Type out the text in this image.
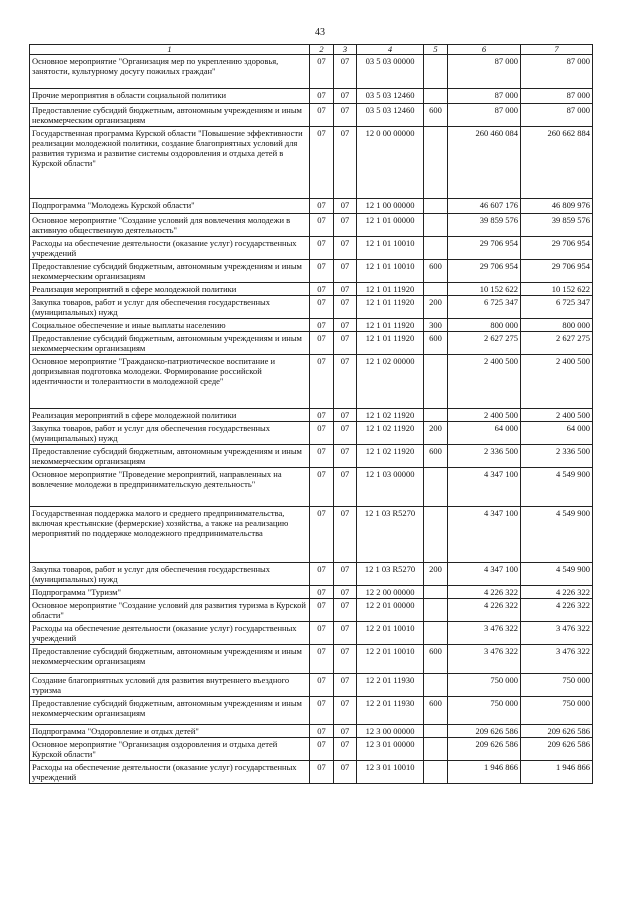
43
1	2	3	4	5	6	7
Основное мероприятие "Организация мер по укреплению здоровья, занятости, культурному досугу пожилых граждан"	07	07	03 5 03 00000		87 000	87 000
Прочие мероприятия в области социальной политики	07	07	03 5 03 12460		87 000	87 000
Предоставление субсидий бюджетным, автономным учреждениям и иным некоммерческим организациям	07	07	03 5 03 12460	600	87 000	87 000
Государственная программа Курской области "Повышение эффективности реализации молодежной политики, создание благоприятных условий для развития туризма и развитие системы оздоровления и отдыха детей в Курской области"	07	07	12 0 00 00000		260 460 084	260 662 884
Подпрограмма "Молодежь Курской области"	07	07	12 1 00 00000		46 607 176	46 809 976
Основное мероприятие "Создание условий для вовлечения молодежи в активную общественную деятельность"	07	07	12 1 01 00000		39 859 576	39 859 576
Расходы на обеспечение деятельности (оказание услуг) государственных учреждений	07	07	12 1 01 10010		29 706 954	29 706 954
Предоставление субсидий бюджетным, автономным учреждениям и иным некоммерческим организациям	07	07	12 1 01 10010	600	29 706 954	29 706 954
Реализация мероприятий в сфере молодежной политики	07	07	12 1 01 11920		10 152 622	10 152 622
Закупка товаров, работ и услуг для обеспечения государственных (муниципальных) нужд	07	07	12 1 01 11920	200	6 725 347	6 725 347
Социальное обеспечение и иные выплаты населению	07	07	12 1 01 11920	300	800 000	800 000
Предоставление субсидий бюджетным, автономным учреждениям и иным некоммерческим организациям	07	07	12 1 01 11920	600	2 627 275	2 627 275
Основное мероприятие "Гражданско-патриотическое воспитание и допризывная подготовка молодежи. Формирование российской идентичности и толерантности в молодежной среде"	07	07	12 1 02 00000		2 400 500	2 400 500
Реализация мероприятий в сфере молодежной политики	07	07	12 1 02 11920		2 400 500	2 400 500
Закупка товаров, работ и услуг для обеспечения государственных (муниципальных) нужд	07	07	12 1 02 11920	200	64 000	64 000
Предоставление субсидий бюджетным, автономным учреждениям и иным некоммерческим организациям	07	07	12 1 02 11920	600	2 336 500	2 336 500
Основное мероприятие "Проведение мероприятий, направленных на вовлечение молодежи в предпринимательскую деятельность"	07	07	12 1 03 00000		4 347 100	4 549 900
Государственная поддержка малого и среднего предпринимательства, включая крестьянские (фермерские) хозяйства, а также на реализацию мероприятий по поддержке молодежного предпринимательства	07	07	12 1 03 R5270		4 347 100	4 549 900
Закупка товаров, работ и услуг для обеспечения государственных (муниципальных) нужд	07	07	12 1 03 R5270	200	4 347 100	4 549 900
Подпрограмма "Туризм"	07	07	12 2 00 00000		4 226 322	4 226 322
Основное мероприятие "Создание условий для развития туризма в Курской области"	07	07	12 2 01 00000		4 226 322	4 226 322
Расходы на обеспечение деятельности (оказание услуг) государственных учреждений	07	07	12 2 01 10010		3 476 322	3 476 322
Предоставление субсидий бюджетным, автономным учреждениям и иным некоммерческим организациям	07	07	12 2 01 10010	600	3 476 322	3 476 322
Создание благоприятных условий для развития внутреннего въездного туризма	07	07	12 2 01 11930		750 000	750 000
Предоставление субсидий бюджетным, автономным учреждениям и иным некоммерческим организациям	07	07	12 2 01 11930	600	750 000	750 000
Подпрограмма "Оздоровление и отдых детей"	07	07	12 3 00 00000		209 626 586	209 626 586
Основное мероприятие "Организация оздоровления и отдыха детей Курской области"	07	07	12 3 01 00000		209 626 586	209 626 586
Расходы на обеспечение деятельности (оказание услуг) государственных учреждений	07	07	12 3 01 10010		1 946 866	1 946 866
